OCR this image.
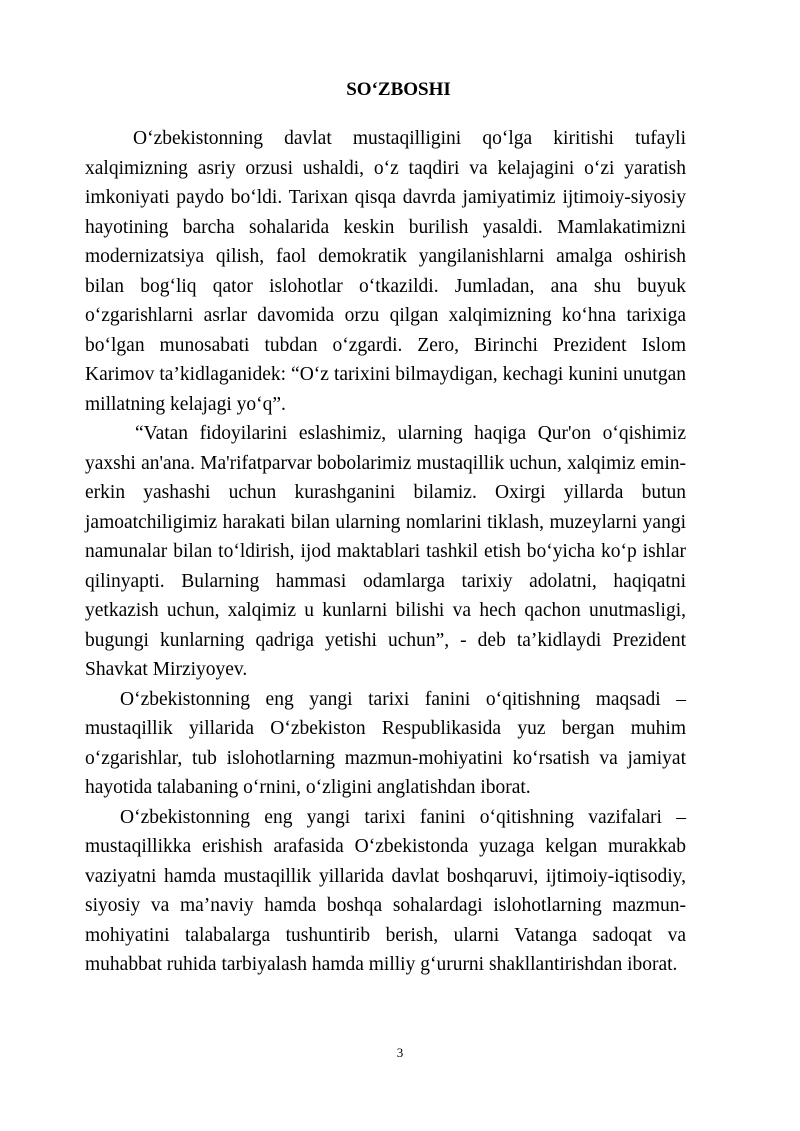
SO‘ZBOSHI

O‘zbekistonning davlat mustaqilligini qo‘lga kiritishi tufayli xalqimizning asriy orzusi ushaldi, o‘z taqdiri va kelajagini o‘zi yaratish imkoniyati paydo bo‘ldi. Tarixan qisqa davrda jamiyatimiz ijtimoiy-siyosiy hayotining barcha sohalarida keskin burilish yasaldi. Mamlakatimizni modernizatsiya qilish, faol demokratik yangilanishlarni amalga oshirish bilan bog‘liq qator islohotlar o‘tkazildi. Jumladan, ana shu buyuk o‘zgarishlarni asrlar davomida orzu qilgan xalqimizning ko‘hna tarixiga bo‘lgan munosabati tubdan o‘zgardi. Zero, Birinchi Prezident Islom Karimov ta’kidlaganidek: “O‘z tarixini bilmaydigan, kechagi kunini unutgan millatning kelajagi yo‘q”.

“Vatan fidoyilarini eslashimiz, ularning haqiga Qur'on o‘qishimiz yaxshi an'ana. Ma'rifatparvar bobolarimiz mustaqillik uchun, xalqimiz emin-erkin yashashi uchun kurashganini bilamiz. Oxirgi yillarda butun jamoatchiligimiz harakati bilan ularning nomlarini tiklash, muzeylarni yangi namunalar bilan to‘ldirish, ijod maktablari tashkil etish bo‘yicha ko‘p ishlar qilinyapti. Bularning hammasi odamlarga tarixiy adolatni, haqiqatni yetkazish uchun, xalqimiz u kunlarni bilishi va hech qachon unutmasligi, bugungi kunlarning qadriga yetishi uchun”, - deb ta’kidlaydi Prezident Shavkat Mirziyoyev.

O‘zbekistonning eng yangi tarixi fanini o‘qitishning maqsadi – mustaqillik yillarida O‘zbekiston Respublikasida yuz bergan muhim o‘zgarishlar, tub islohotlarning mazmun-mohiyatini ko‘rsatish va jamiyat hayotida talabaning o‘rnini, o‘zligini anglatishdan iborat.

O‘zbekistonning eng yangi tarixi fanini o‘qitishning vazifalari – mustaqillikka erishish arafasida O‘zbekistonda yuzaga kelgan murakkab vaziyatni hamda mustaqillik yillarida davlat boshqaruvi, ijtimoiy-iqtisodiy, siyosiy va ma’naviy hamda boshqa sohalardagi islohotlarning mazmun-mohiyatini talabalarga tushuntirib berish, ularni Vatanga sadoqat va muhabbat ruhida tarbiyalash hamda milliy g‘ururni shakllantirishdan iborat.

3
